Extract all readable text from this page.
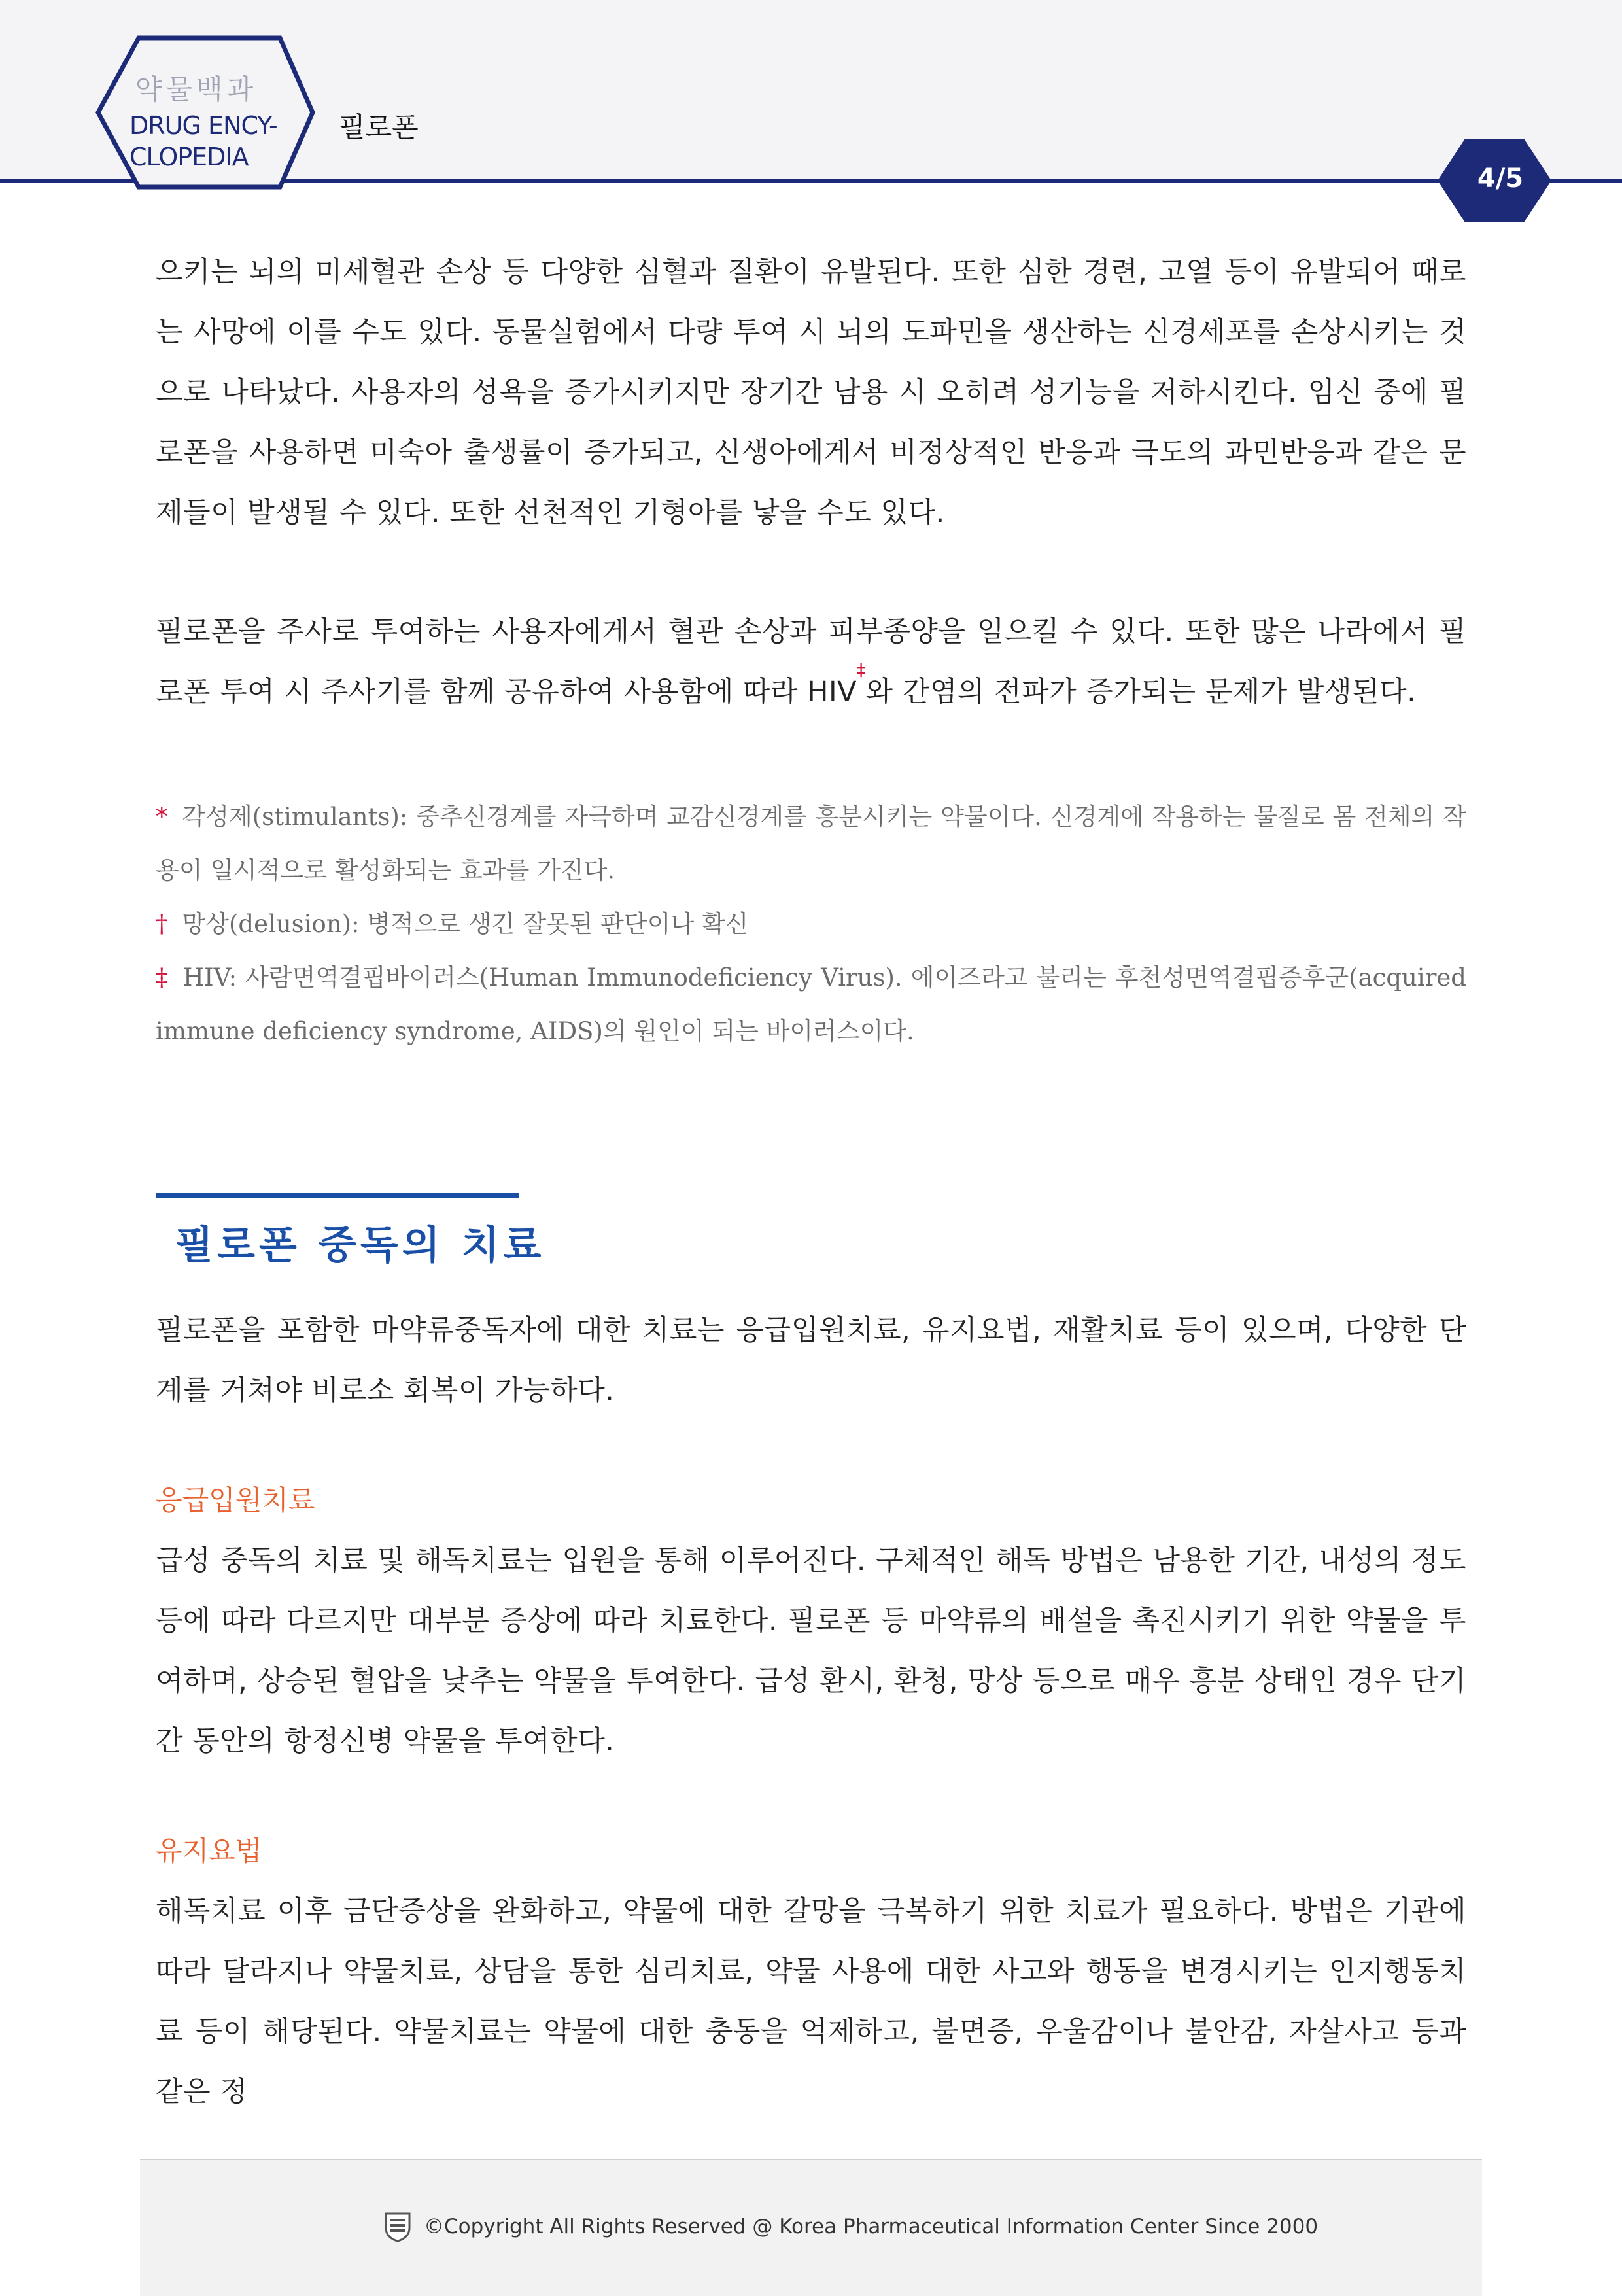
약물백과
DRUG ENCY-
CLOPEDIA
필로폰
4/5

으키는 뇌의 미세혈관 손상 등 다양한 심혈과 질환이 유발된다. 또한 심한 경련, 고열 등이 유발되어 때로는 사망에 이를 수도 있다. 동물실험에서 다량 투여 시 뇌의 도파민을 생산하는 신경세포를 손상시키는 것으로 나타났다. 사용자의 성욕을 증가시키지만 장기간 남용 시 오히려 성기능을 저하시킨다. 임신 중에 필로폰을 사용하면 미숙아 출생률이 증가되고, 신생아에게서 비정상적인 반응과 극도의 과민반응과 같은 문제들이 발생될 수 있다. 또한 선천적인 기형아를 낳을 수도 있다.

필로폰을 주사로 투여하는 사용자에게서 혈관 손상과 피부종양을 일으킬 수 있다. 또한 많은 나라에서 필로폰 투여 시 주사기를 함께 공유하여 사용함에 따라 HIV‡와 간염의 전파가 증가되는 문제가 발생된다.

* 각성제(stimulants): 중추신경계를 자극하며 교감신경계를 흥분시키는 약물이다. 신경계에 작용하는 물질로 몸 전체의 작용이 일시적으로 활성화되는 효과를 가진다.

† 망상(delusion): 병적으로 생긴 잘못된 판단이나 확신

‡ HIV: 사람면역결핍바이러스(Human Immunodeficiency Virus). 에이즈라고 불리는 후천성면역결핍증후군(acquired immune deficiency syndrome, AIDS)의 원인이 되는 바이러스이다.

필로폰 중독의 치료

필로폰을 포함한 마약류중독자에 대한 치료는 응급입원치료, 유지요법, 재활치료 등이 있으며, 다양한 단계를 거쳐야 비로소 회복이 가능하다.

응급입원치료

급성 중독의 치료 및 해독치료는 입원을 통해 이루어진다. 구체적인 해독 방법은 남용한 기간, 내성의 정도 등에 따라 다르지만 대부분 증상에 따라 치료한다. 필로폰 등 마약류의 배설을 촉진시키기 위한 약물을 투여하며, 상승된 혈압을 낮추는 약물을 투여한다. 급성 환시, 환청, 망상 등으로 매우 흥분 상태인 경우 단기간 동안의 항정신병 약물을 투여한다.

유지요법

해독치료 이후 금단증상을 완화하고, 약물에 대한 갈망을 극복하기 위한 치료가 필요하다. 방법은 기관에 따라 달라지나 약물치료, 상담을 통한 심리치료, 약물 사용에 대한 사고와 행동을 변경시키는 인지행동치료 등이 해당된다. 약물치료는 약물에 대한 충동을 억제하고, 불면증, 우울감이나 불안감, 자살사고 등과 같은 정

©Copyright All Rights Reserved @ Korea Pharmaceutical Information Center Since 2000
